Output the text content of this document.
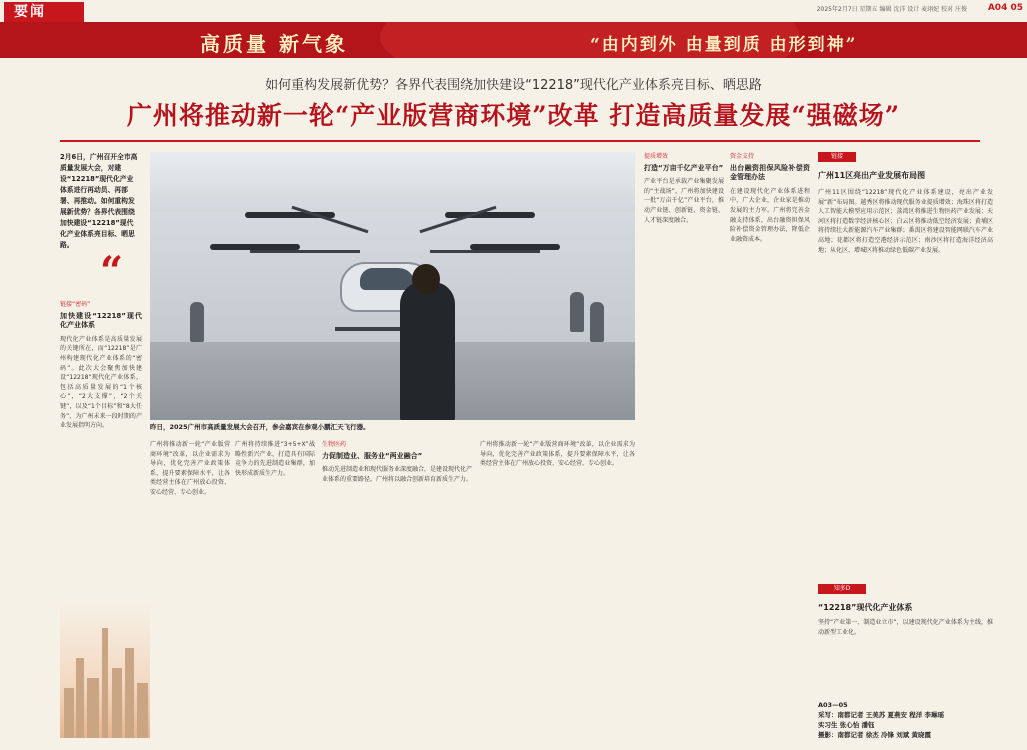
要闻	2025年2月7日 星期五 编辑 沈洋 设计 麦翊妃 校对 庄俊 A04 05
高质量 新气象	“由内到外 由量到质 由形到神”
如何重构发展新优势？各界代表围绕加快建设“12218”现代化产业体系亮目标、晒思路
广州将推动新一轮“产业版营商环境”改革 打造高质量发展“强磁场”
2月6日，广州召开全市高质量发展大会，对建设“12218”现代化产业体系进行再动员、再部署、再推动。如何重构发展新优势？各界代表围绕加快建设“12218”现代化产业体系亮目标、晒思路。
“
链接“密码”
加快建设“12218”现代化产业体系
现代化产业体系是高质量发展的关键所在，而“12218”是广州构建现代化产业体系的“密码”。此次大会聚焦加快建设“12218”现代化产业体系，包括高质量发展的“1个核心”，“2大支撑”，“2个关键”，以及“1个目标”和“8大任务”，为广州未来一段时期的产业发展指明方向。	昨日，2025广州市高质量发展大会召开，参会嘉宾在参观小鹏汇天飞行器。
广州将推动新一轮“产业版营商环境”改革，以企业需求为导向，优化完善产业政策体系，提升要素保障水平，让各类经营主体在广州放心投资、安心经营、专心创业。
广州将持续推进“3+5+X”战略性新兴产业，打造具有国际竞争力的先进制造业集群，加快形成新质生产力。
生物医药
力促制造业、服务业“两业融合”
推动先进制造业和现代服务业深度融合，是建设现代化产业体系的重要路径，广州将以融合创新培育新质生产力。
广州将推动新一轮“产业版营商环境”改革，以企业需求为导向，优化完善产业政策体系，提升要素保障水平，让各类经营主体在广州放心投资、安心经营、专心创业。
提质增效
打造“万亩千亿产业平台”
产业平台是承载产业集聚发展的“主战场”，广州将加快建设一批“万亩千亿”产业平台，推动产业链、创新链、资金链、人才链深度融合。
资金支持
出台融资担保风险补偿资金管理办法
在建设现代化产业体系进程中，广大企业，企业家是推动发展的主力军。广州将完善金融支持体系，出台融资担保风险补偿资金管理办法，降低企业融资成本。
链接
广州11区亮出产业发展布局图
广州11区围绕“12218”现代化产业体系建设，亮出产业发展“新”布局图。越秀区将推动现代服务业提质增效；海珠区将打造人工智能大模型应用示范区；荔湾区将推进生物医药产业发展；天河区将打造数字经济核心区；白云区将推动低空经济发展；黄埔区将持续壮大新能源汽车产业集群；番禺区将建设智能网联汽车产业高地；花都区将打造空港经济示范区；南沙区将打造海洋经济高地；从化区、增城区将推动绿色低碳产业发展。
知多D
“12218”现代化产业体系
坚持“产业第一、制造业立市”，以建设现代化产业体系为主线，推动新型工业化。
A03—05
采写：南都记者 王美苏 夏燕安 程洋 李琳瑶
实习生 张心怡 潘钰
摄影：南都记者 徐杰 冷锋 刘斌 黄晓霞
